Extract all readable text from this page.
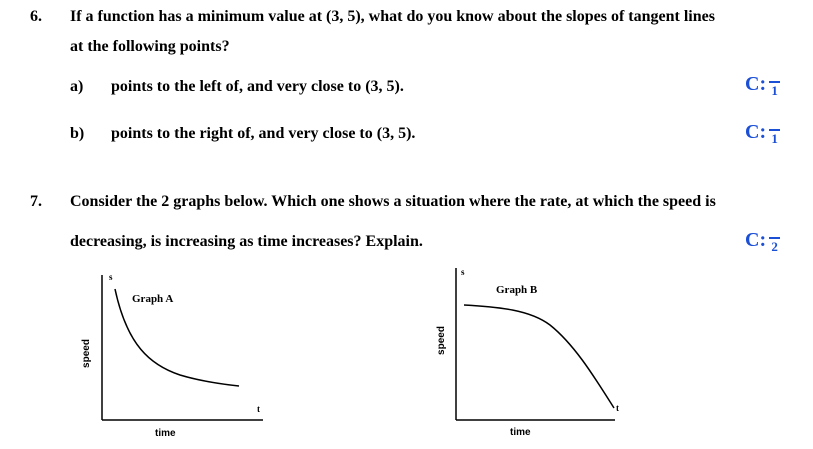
6. If a function has a minimum value at (3, 5), what do you know about the slopes of tangent lines
at the following points?
a) points to the left of, and very close to (3, 5).	C: 1
b) points to the right of, and very close to (3, 5).	C: 1
7. Consider the 2 graphs below. Which one shows a situation where the rate, at which the speed is
decreasing, is increasing as time increases? Explain.	C: 2
s
Graph A
speed
t
time
s
Graph B
speed
t
time
